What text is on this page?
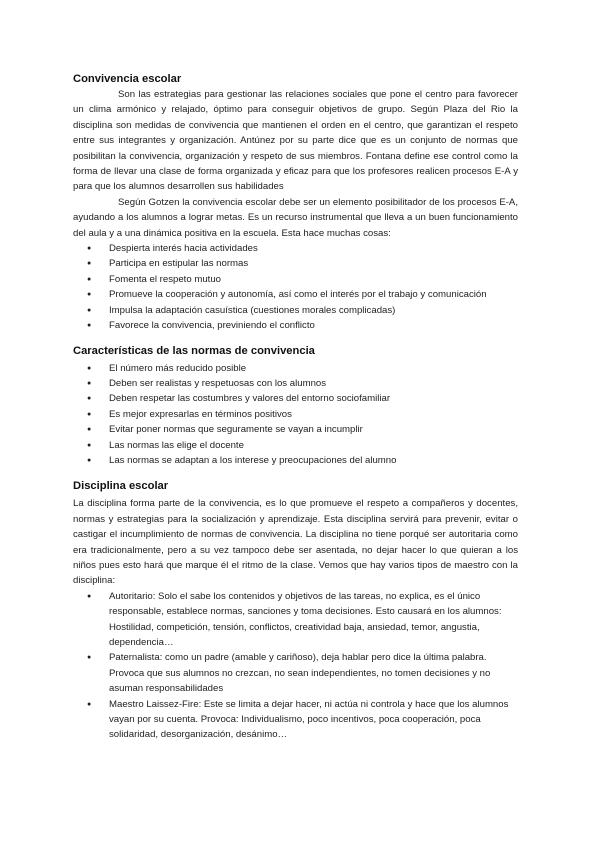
Convivencia escolar

Son las estrategias para gestionar las relaciones sociales que pone el centro para favorecer un clima armónico y relajado, óptimo para conseguir objetivos de grupo. Según Plaza del Rio la disciplina son medidas de convivencia que mantienen el orden en el centro, que garantizan el respeto entre sus integrantes y organización. Antúnez por su parte dice que es un conjunto de normas que posibilitan la convivencia, organización y respeto de sus miembros. Fontana define ese control como la forma de llevar una clase de forma organizada y eficaz para que los profesores realicen procesos E-A y para que los alumnos desarrollen sus habilidades

Según Gotzen la convivencia escolar debe ser un elemento posibilitador de los procesos E-A, ayudando a los alumnos a lograr metas. Es un recurso instrumental que lleva a un buen funcionamiento del aula y a una dinámica positiva en la escuela. Esta hace muchas cosas:

● Despierta interés hacia actividades
● Participa en estipular las normas
● Fomenta el respeto mutuo
● Promueve la cooperación y autonomía, así como el interés por el trabajo y comunicación
● Impulsa la adaptación casuística (cuestiones morales complicadas)
● Favorece la convivencia, previniendo el conflicto
Características de las normas de convivencia
● El número más reducido posible
● Deben ser realistas y respetuosas con los alumnos
● Deben respetar las costumbres y valores del entorno sociofamiliar
● Es mejor expresarlas en términos positivos
● Evitar poner normas que seguramente se vayan a incumplir
● Las normas las elige el docente
● Las normas se adaptan a los interese y preocupaciones del alumno
Disciplina escolar

La disciplina forma parte de la convivencia, es lo que promueve el respeto a compañeros y docentes, normas y estrategias para la socialización y aprendizaje. Esta disciplina servirá para prevenir, evitar o castigar el incumplimiento de normas de convivencia. La disciplina no tiene porqué ser autoritaria como era tradicionalmente, pero a su vez tampoco debe ser asentada, no dejar hacer lo que quieran a los niños pues esto hará que marque él el ritmo de la clase. Vemos que hay varios tipos de maestro con la disciplina:

● Autoritario: Solo el sabe los contenidos y objetivos de las tareas, no explica, es el único responsable, establece normas, sanciones y toma decisiones. Esto causará en los alumnos: Hostilidad, competición, tensión, conflictos, creatividad baja, ansiedad, temor, angustia, dependencia…
● Paternalista: como un padre (amable y cariñoso), deja hablar pero dice la última palabra. Provoca que sus alumnos no crezcan, no sean independientes, no tomen decisiones y no asuman responsabilidades
● Maestro Laissez-Fire: Este se limita a dejar hacer, ni actúa ni controla y hace que los alumnos vayan por su cuenta. Provoca: Individualismo, poco incentivos, poca cooperación, poca solidaridad, desorganización, desánimo…
